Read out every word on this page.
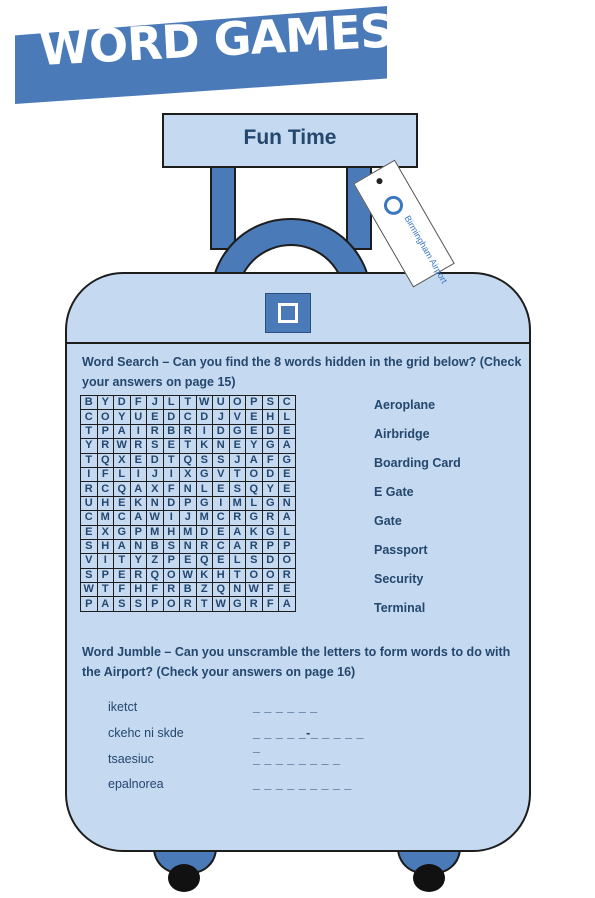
WORD GAMES!
Fun Time
Birmingham Airport
Word Search – Can you find the 8 words hidden in the grid below? (Check your answers on page 15)
B	Y	D	F	J	L	T	W	U	O	P	S	C
C	O	Y	U	E	D	C	D	J	V	E	H	L
T	P	A	I	R	B	R	I	D	G	E	D	E
Y	R	W	R	S	E	T	K	N	E	Y	G	A
T	Q	X	E	D	T	Q	S	S	J	A	F	G
I	F	L	I	J	I	X	G	V	T	O	D	E
R	C	Q	A	X	F	N	L	E	S	Q	Y	E
U	H	E	K	N	D	P	G	I	M	L	G	N
C	M	C	A	W	I	J	M	C	R	G	R	A
E	X	G	P	M	H	M	D	E	A	K	G	L
S	H	A	N	B	S	N	R	C	A	R	P	P
V	I	T	Y	Z	P	E	Q	E	L	S	D	O
S	P	E	R	Q	O	W	K	H	T	O	O	R
W	T	F	H	F	R	B	Z	Q	N	W	F	E
P	A	S	S	P	O	R	T	W	G	R	F	A
Aeroplane
Airbridge
Boarding Card
E Gate
Gate
Passport
Security
Terminal
Word Jumble – Can you unscramble the letters to form words to do with the Airport? (Check your answers on page 16)
iketct	_ _ _ _ _ _
ckehc ni skde	_ _ _ _ _-_ _ _ _ _ _
tsaesiuc	_ _ _ _ _ _ _ _
epalnorea	_ _ _ _ _ _ _ _ _
